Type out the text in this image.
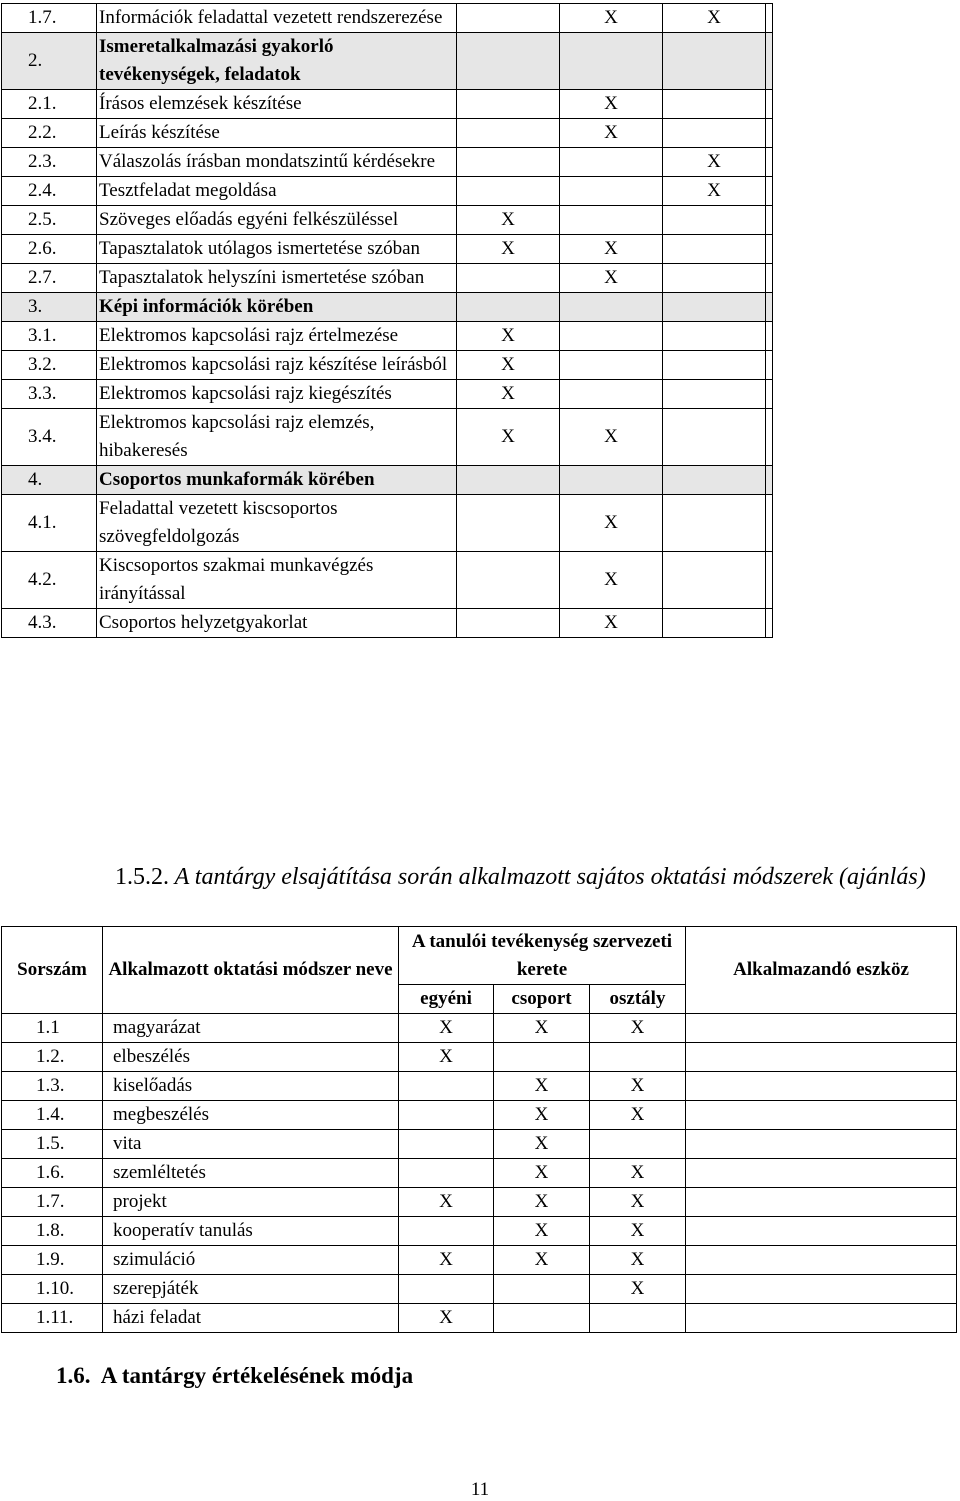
1.7.	Információk feladattal vezetett rendszerezése		X	X	
2.	Ismeretalkalmazási gyakorló tevékenységek, feladatok				
2.1.	Írásos elemzések készítése		X		
2.2.	Leírás készítése		X		
2.3.	Válaszolás írásban mondatszintű kérdésekre			X	
2.4.	Tesztfeladat megoldása			X	
2.5.	Szöveges előadás egyéni felkészüléssel	X			
2.6.	Tapasztalatok utólagos ismertetése szóban	X	X		
2.7.	Tapasztalatok helyszíni ismertetése szóban		X		
3.	Képi információk körében				
3.1.	Elektromos kapcsolási rajz értelmezése	X			
3.2.	Elektromos kapcsolási rajz készítése leírásból	X			
3.3.	Elektromos kapcsolási rajz kiegészítés	X			
3.4.	Elektromos kapcsolási rajz elemzés, hibakeresés	X	X		
4.	Csoportos munkaformák körében				
4.1.	Feladattal vezetett kiscsoportos szövegfeldolgozás		X		
4.2.	Kiscsoportos szakmai munkavégzés irányítással		X		
4.3.	Csoportos helyzetgyakorlat		X		
1.5.2. A tantárgy elsajátítása során alkalmazott sajátos oktatási módszerek (ajánlás)
Sorszám	Alkalmazott oktatási módszer neve	A tanulói tevékenység szervezeti kerete			Alkalmazandó eszköz
		egyéni	csoport	osztály	
1.1	magyarázat	X	X	X	
1.2.	elbeszélés	X			
1.3.	kiselőadás		X	X	
1.4.	megbeszélés		X	X	
1.5.	vita		X		
1.6.	szemléltetés		X	X	
1.7.	projekt	X	X	X	
1.8.	kooperatív tanulás		X	X	
1.9.	szimuláció	X	X	X	
1.10.	szerepjáték			X	
1.11.	házi feladat	X			
1.6. A tantárgy értékelésének módja
11
